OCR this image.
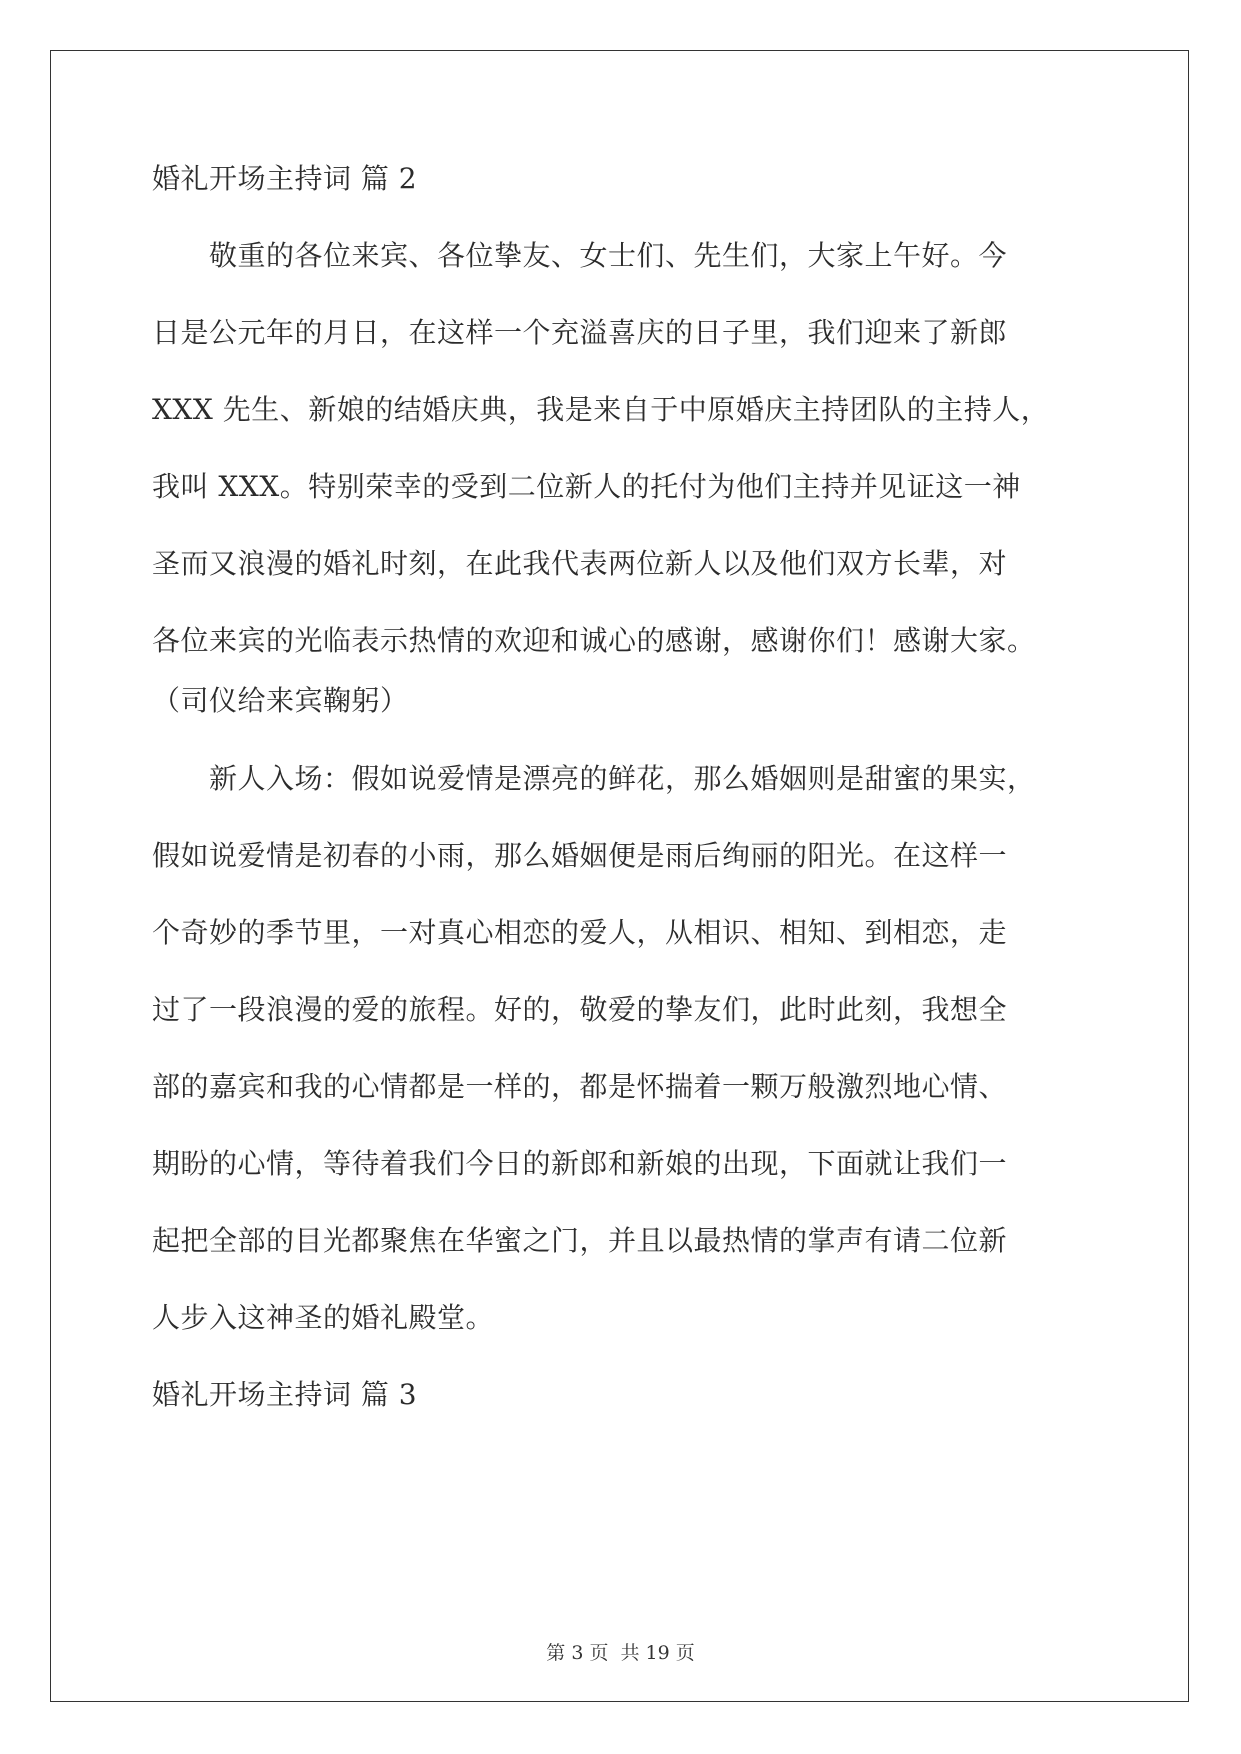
婚礼开场主持词 篇 2
　　敬重的各位来宾、各位挚友、女士们、先生们，大家上午好。今
日是公元年的月日，在这样一个充溢喜庆的日子里，我们迎来了新郎
XXX 先生、新娘的结婚庆典，我是来自于中原婚庆主持团队的主持人，
我叫 XXX。特别荣幸的受到二位新人的托付为他们主持并见证这一神
圣而又浪漫的婚礼时刻，在此我代表两位新人以及他们双方长辈，对
各位来宾的光临表示热情的欢迎和诚心的感谢，感谢你们！感谢大家。
（司仪给来宾鞠躬）
　　新人入场：假如说爱情是漂亮的鲜花，那么婚姻则是甜蜜的果实，
假如说爱情是初春的小雨，那么婚姻便是雨后绚丽的阳光。在这样一
个奇妙的季节里，一对真心相恋的爱人，从相识、相知、到相恋，走
过了一段浪漫的爱的旅程。好的，敬爱的挚友们，此时此刻，我想全
部的嘉宾和我的心情都是一样的，都是怀揣着一颗万般激烈地心情、
期盼的心情，等待着我们今日的新郎和新娘的出现，下面就让我们一
起把全部的目光都聚焦在华蜜之门，并且以最热情的掌声有请二位新
人步入这神圣的婚礼殿堂。
婚礼开场主持词 篇 3
第 3 页 共 19 页
